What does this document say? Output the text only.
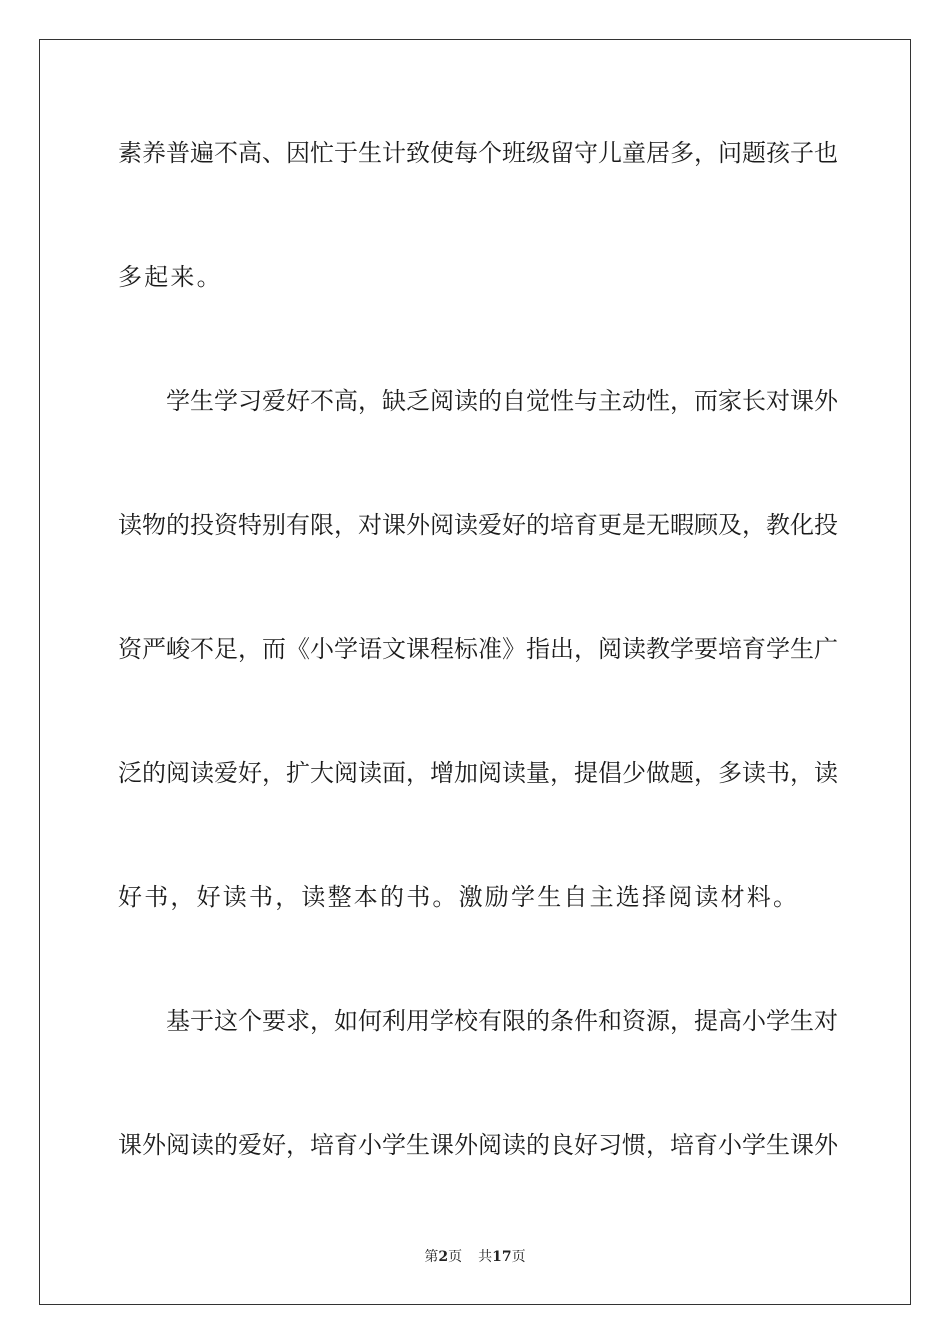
素养普遍不高、因忙于生计致使每个班级留守儿童居多，问题孩子也
多起来。
学生学习爱好不高，缺乏阅读的自觉性与主动性，而家长对课外
读物的投资特别有限，对课外阅读爱好的培育更是无暇顾及，教化投
资严峻不足，而《小学语文课程标准》指出，阅读教学要培育学生广
泛的阅读爱好，扩大阅读面，增加阅读量，提倡少做题，多读书，读
好书，好读书，读整本的书。激励学生自主选择阅读材料。
基于这个要求，如何利用学校有限的条件和资源，提高小学生对
课外阅读的爱好，培育小学生课外阅读的良好习惯，培育小学生课外
第2页 共17页
